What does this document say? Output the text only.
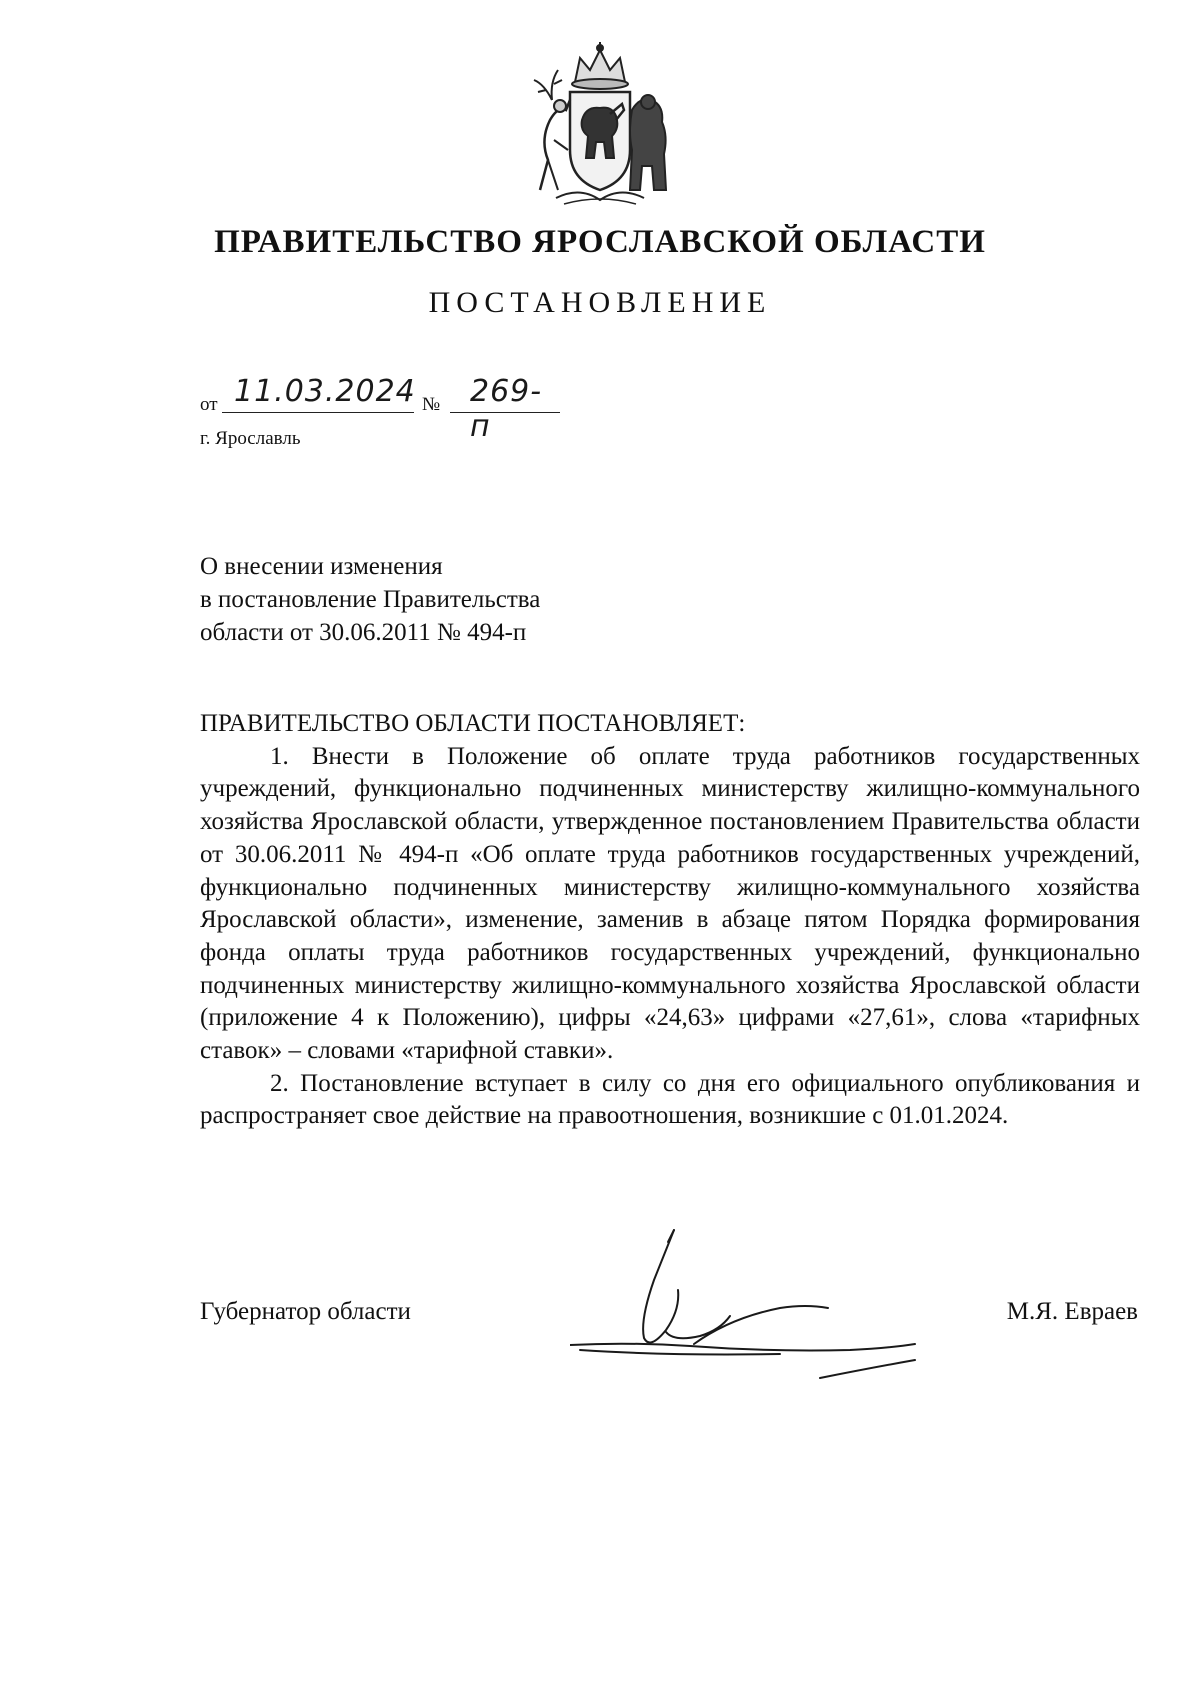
ПРАВИТЕЛЬСТВО ЯРОСЛАВСКОЙ ОБЛАСТИ
ПОСТАНОВЛЕНИЕ
от 11.03.2024 № 269-п
г. Ярославль
О внесении изменения
в постановление Правительства
области от 30.06.2011 № 494-п
ПРАВИТЕЛЬСТВО ОБЛАСТИ ПОСТАНОВЛЯЕТ:

1. Внести в Положение об оплате труда работников государственных учреждений, функционально подчиненных министерству жилищно-коммунального хозяйства Ярославской области, утвержденное постановлением Правительства области от 30.06.2011 № 494-п «Об оплате труда работников государственных учреждений, функционально подчиненных министерству жилищно-коммунального хозяйства Ярославской области», изменение, заменив в абзаце пятом Порядка формирования фонда оплаты труда работников государственных учреждений, функционально подчиненных министерству жилищно-коммунального хозяйства Ярославской области (приложение 4 к Положению), цифры «24,63» цифрами «27,61», слова «тарифных ставок» – словами «тарифной ставки».

2. Постановление вступает в силу со дня его официального опубликования и распространяет свое действие на правоотношения, возникшие с 01.01.2024.

Губернатор области	М.Я. Евраев
